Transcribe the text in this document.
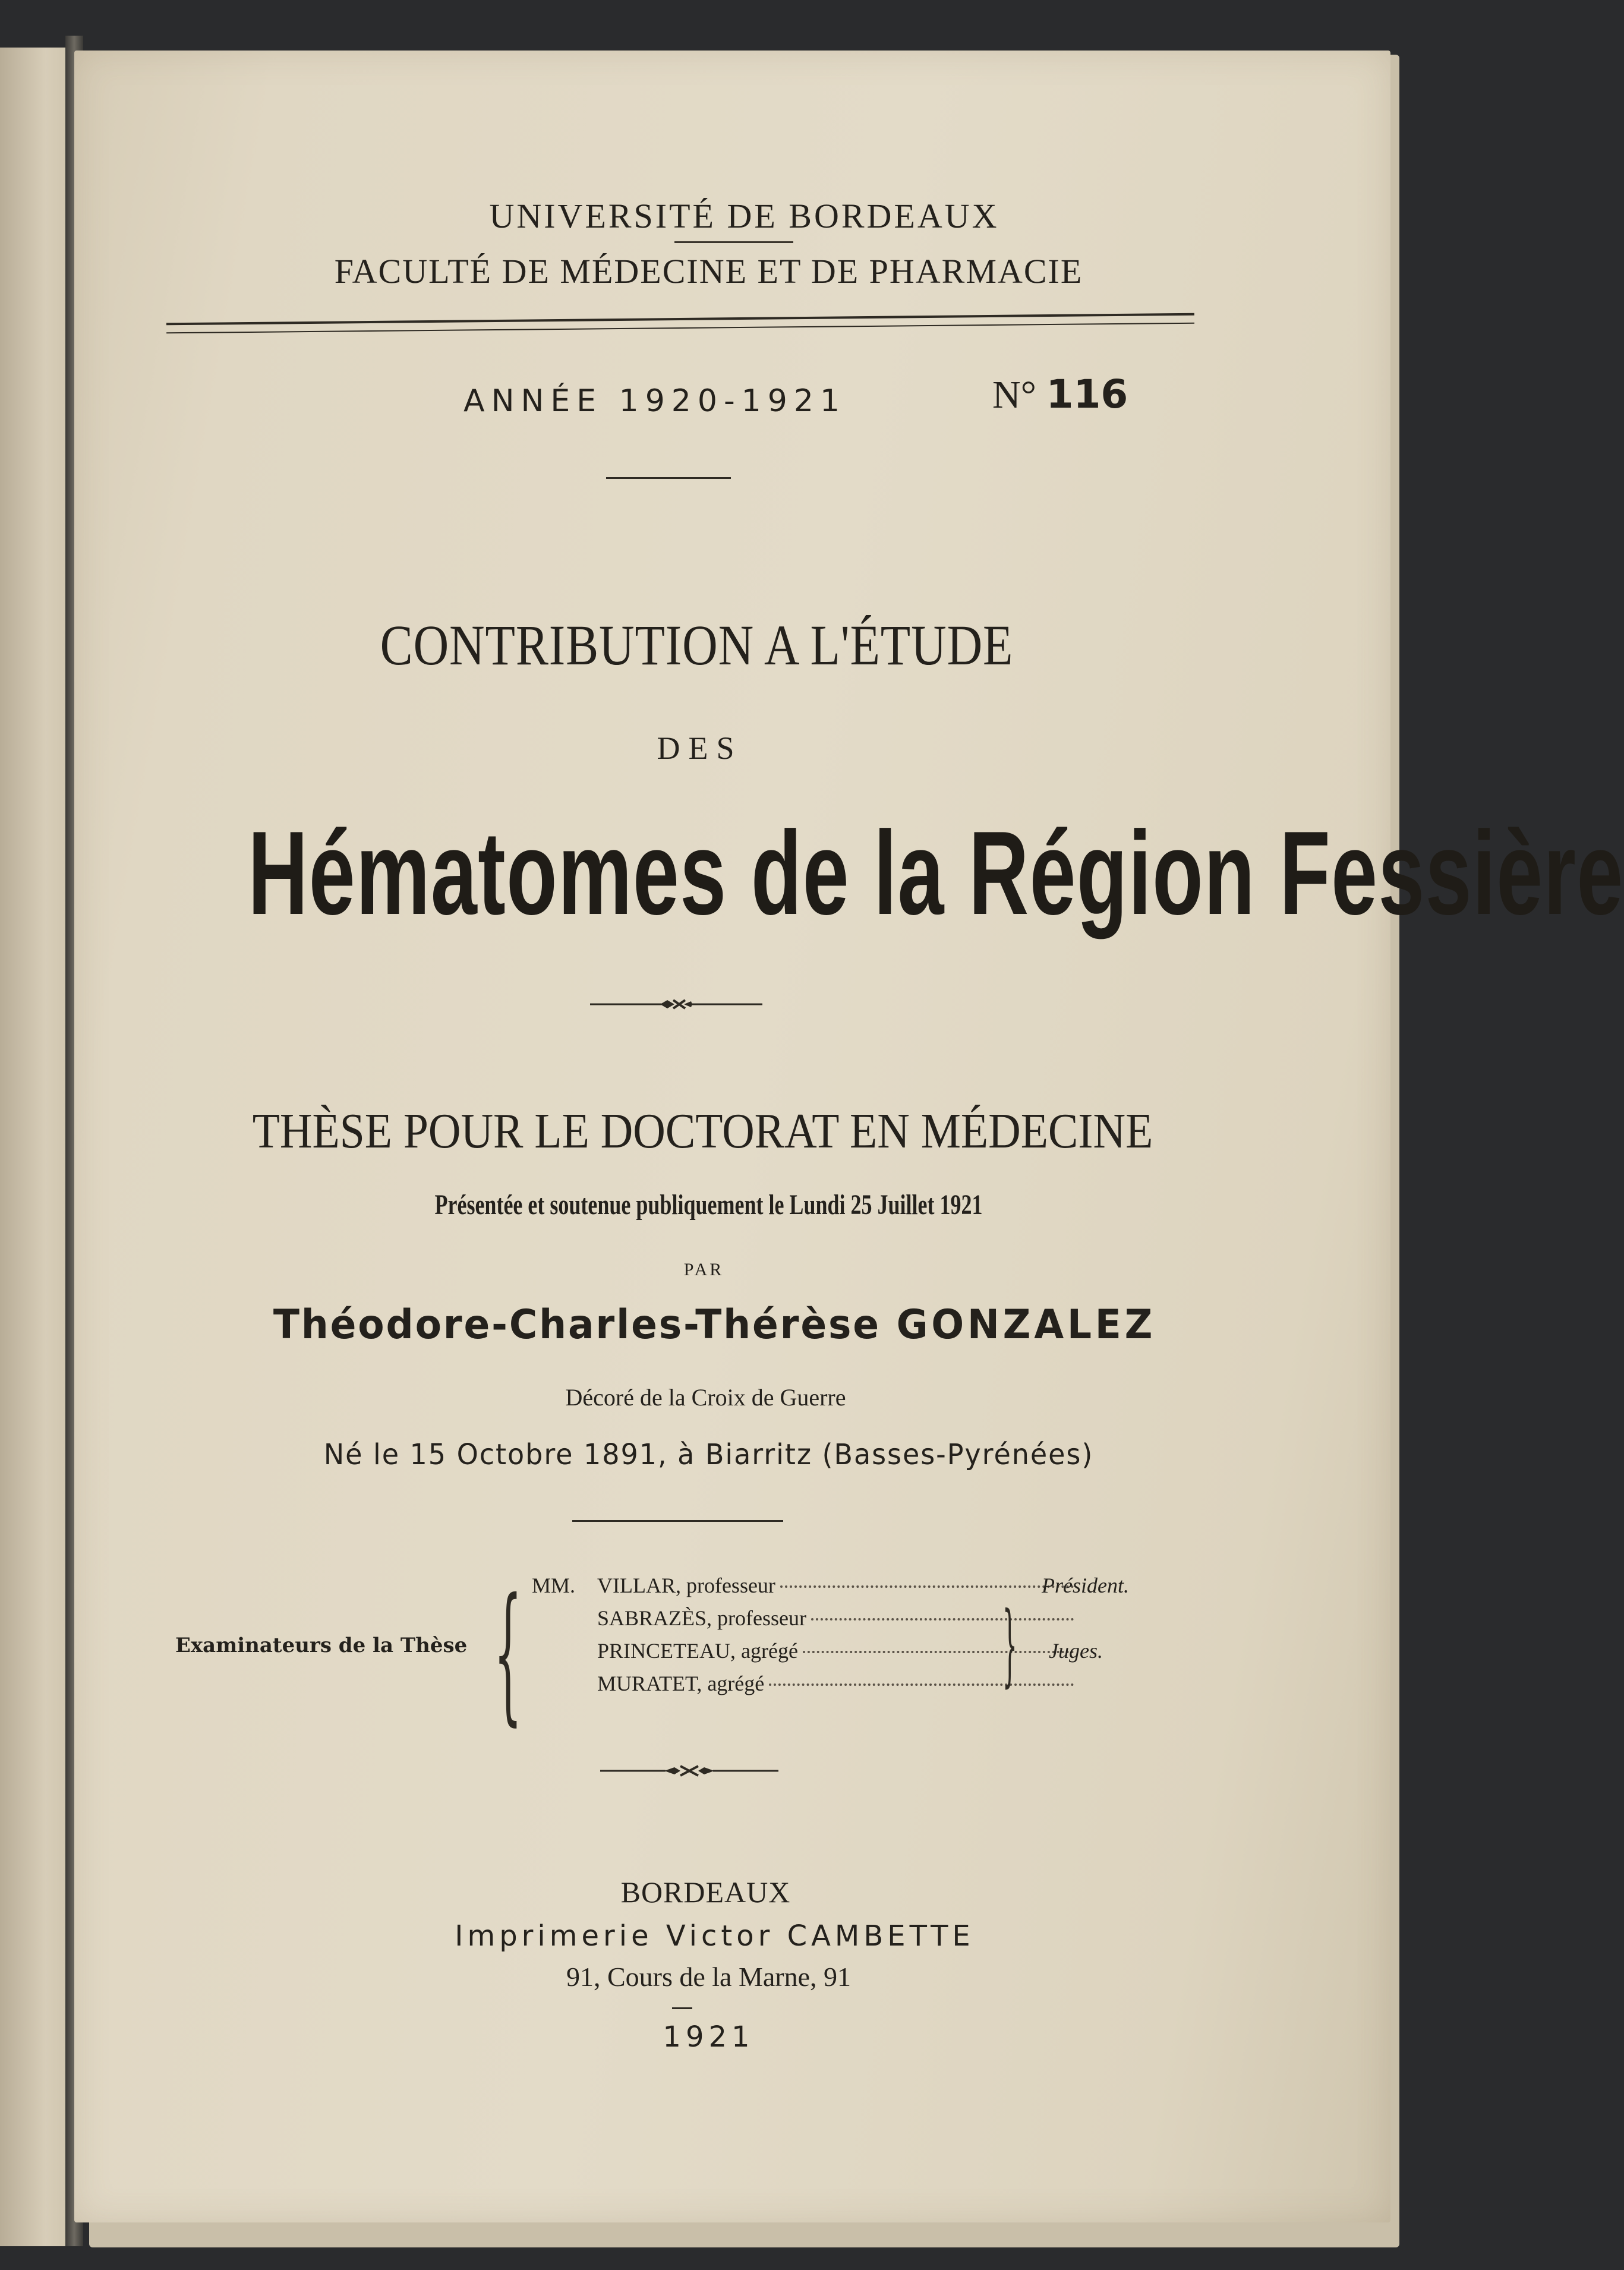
UNIVERSITÉ DE BORDEAUX
FACULTÉ DE MÉDECINE ET DE PHARMACIE
ANNÉE 1920-1921	N° 116
CONTRIBUTION A L'ÉTUDE
DES
Hématomes de la Région Fessière
THÈSE POUR LE DOCTORAT EN MÉDECINE
Présentée et soutenue publiquement le Lundi 25 Juillet 1921
PAR
Théodore-Charles-Thérèse GONZALEZ
Décoré de la Croix de Guerre
Né le 15 Octobre 1891, à Biarritz (Basses-Pyrénées)
Examinateurs de la Thèse { MM.	VILLAR, professeur
SABRAZÈS, professeur
PRINCETEAU, agrégé
MURATET, agrégé
Président.
} Juges.
BORDEAUX
Imprimerie Victor CAMBETTE
91, Cours de la Marne, 91
1921
